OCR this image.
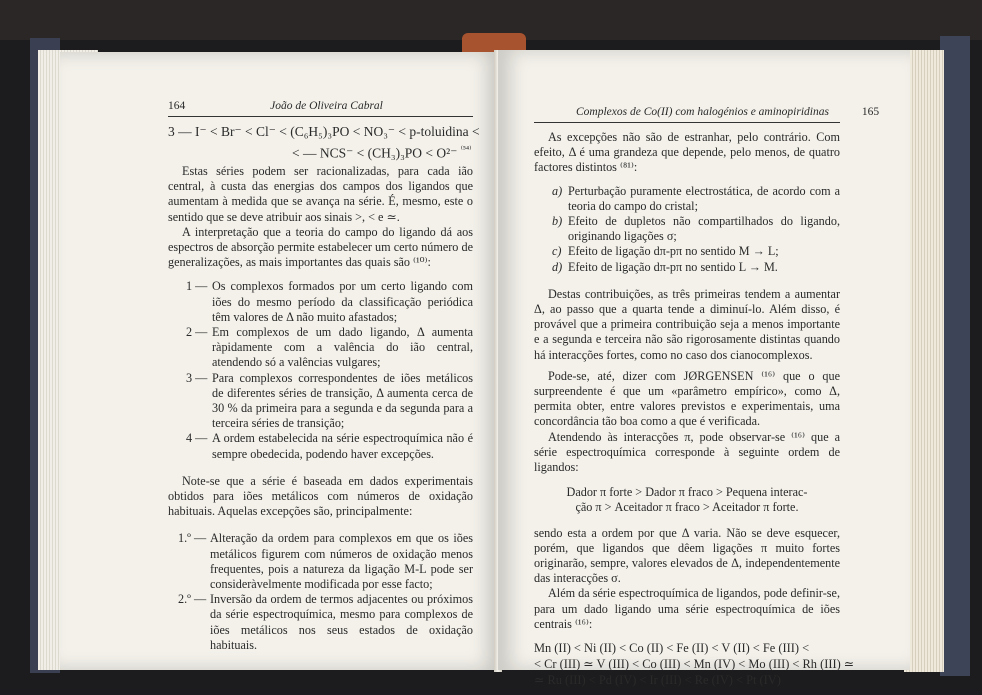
164	João de Oliveira Cabral
3 — I⁻ < Br⁻ < Cl⁻ < (C₆H₅)₃PO < NO₃⁻ < p-toluidina <
< — NCS⁻ < (CH₃)₃PO < O²⁻ $^{^{(54)}}$

Estas séries podem ser racionalizadas, para cada ião central, à custa das energias dos campos dos ligandos que aumentam à medida que se avança na série. É, mesmo, este o sentido que se deve atribuir aos sinais >, < e ≃.

A interpretação que a teoria do campo do ligando dá aos espectros de absorção permite estabelecer um certo número de generalizações, as mais importantes das quais são ⁽¹⁰⁾:

1 — Os complexos formados por um certo ligando com iões do mesmo período da classificação periódica têm valores de Δ não muito afastados;
2 — Em complexos de um dado ligando, Δ aumenta ràpidamente com a valência do ião central, atendendo só a valências vulgares;
3 — Para complexos correspondentes de iões metálicos de diferentes séries de transição, Δ aumenta cerca de 30 % da primeira para a segunda e da segunda para a terceira séries de transição;
4 — A ordem estabelecida na série espectroquímica não é sempre obedecida, podendo haver excepções.

Note-se que a série é baseada em dados experimentais obtidos para iões metálicos com números de oxidação habituais. Aquelas excepções são, principalmente:

1.º — Alteração da ordem para complexos em que os iões metálicos figurem com números de oxidação menos frequentes, pois a natureza da ligação M-L pode ser consideràvelmente modificada por esse facto;
2.º — Inversão da ordem de termos adjacentes ou próximos da série espectroquímica, mesmo para complexos de iões metálicos nos seus estados de oxidação habituais.
Complexos de Co(II) com halogénios e aminopiridinas	165

As excepções não são de estranhar, pelo contrário. Com efeito, Δ é uma grandeza que depende, pelo menos, de quatro factores distintos ⁽⁸¹⁾:

a) Perturbação puramente electrostática, de acordo com a teoria do campo do cristal;
b) Efeito de dupletos não compartilhados do ligando, originando ligações σ;
c) Efeito de ligação dπ-pπ no sentido M → L;
d) Efeito de ligação dπ-pπ no sentido L → M.

Destas contribuições, as três primeiras tendem a aumentar Δ, ao passo que a quarta tende a diminuí-lo. Além disso, é provável que a primeira contribuição seja a menos importante e a segunda e terceira não são rigorosamente distintas quando há interacções fortes, como no caso dos cianocomplexos.

Pode-se, até, dizer com JØRGENSEN ⁽¹⁶⁾ que o que surpreendente é que um «parâmetro empírico», como Δ, permita obter, entre valores previstos e experimentais, uma concordância tão boa como a que é verificada.

Atendendo às interacções π, pode observar-se ⁽¹⁶⁾ que a série espectroquímica corresponde à seguinte ordem de ligandos:

Dador π forte > Dador π fraco > Pequena interac-
ção π > Aceitador π fraco > Aceitador π forte.

sendo esta a ordem por que Δ varia. Não se deve esquecer, porém, que ligandos que dêem ligações π muito fortes originarão, sempre, valores elevados de Δ, independentemente das interacções σ.

Além da série espectroquímica de ligandos, pode definir-se, para um dado ligando uma série espectroquímica de iões centrais ⁽¹⁶⁾:

Mn (II) < Ni (II) < Co (II) < Fe (II) < V (II) < Fe (III) <
< Cr (III) ≃ V (III) < Co (III) < Mn (IV) < Mo (III) < Rh (III) ≃
≃ Ru (III) < Pd (IV) < Ir (III) < Re (IV) < Pt (IV)
